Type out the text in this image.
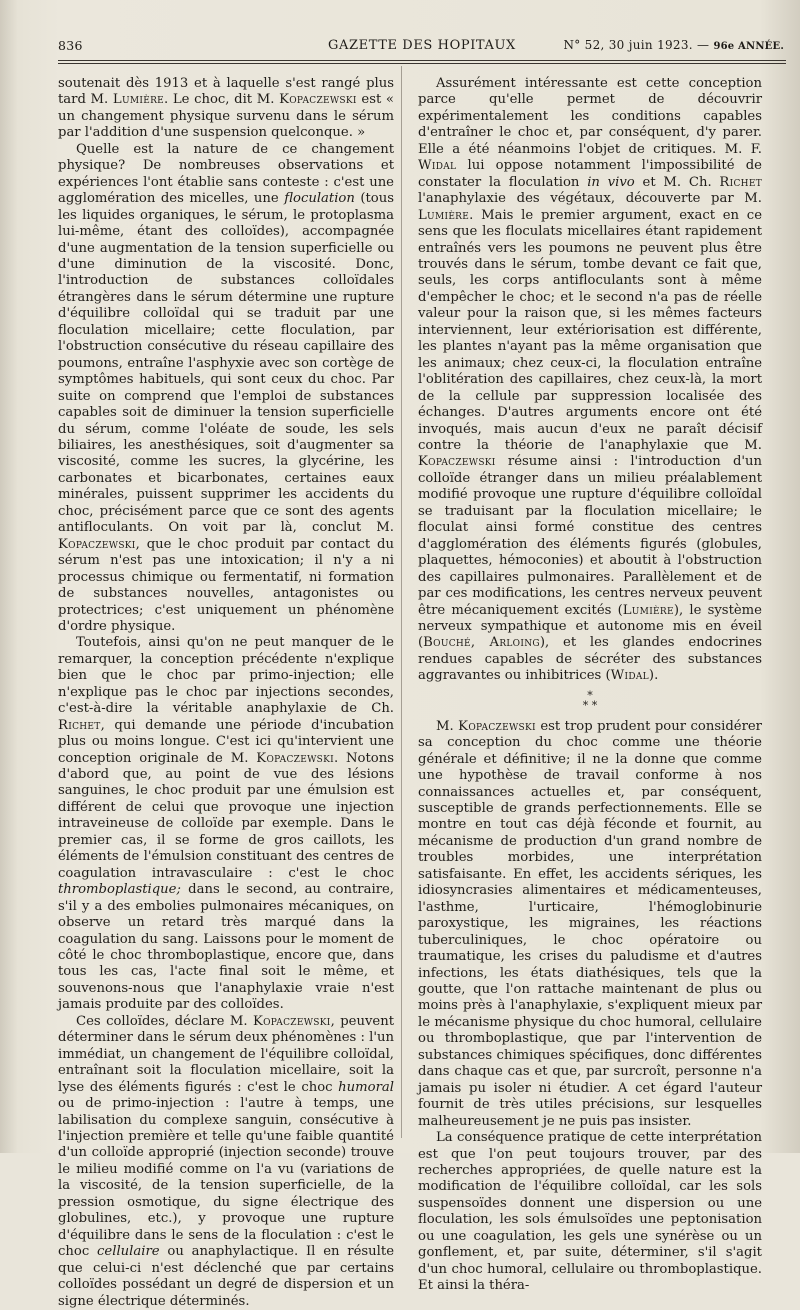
836	GAZETTE DES HOPITAUX	N° 52, 30 juin 1923. — 96e ANNÉE.

soutenait dès 1913 et à laquelle s'est rangé plus tard M. Lumière. Le choc, dit M. Kopaczewski est « un changement physique survenu dans le sérum par l'addition d'une suspension quelconque. »

Quelle est la nature de ce changement physique? De nombreuses observations et expériences l'ont établie sans conteste : c'est une agglomération des micelles, une floculation (tous les liquides organiques, le sérum, le protoplasma lui-même, étant des colloïdes), accompagnée d'une augmentation de la tension superficielle ou d'une diminution de la viscosité. Donc, l'introduction de substances colloïdales étrangères dans le sérum détermine une rupture d'équilibre colloïdal qui se traduit par une floculation micellaire; cette floculation, par l'obstruction consécutive du réseau capillaire des poumons, entraîne l'asphyxie avec son cortège de symptômes habituels, qui sont ceux du choc. Par suite on comprend que l'emploi de substances capables soit de diminuer la tension superficielle du sérum, comme l'oléate de soude, les sels biliaires, les anesthésiques, soit d'augmenter sa viscosité, comme les sucres, la glycérine, les carbonates et bicarbonates, certaines eaux minérales, puissent supprimer les accidents du choc, précisément parce que ce sont des agents antifloculants. On voit par là, conclut M. Kopaczewski, que le choc produit par contact du sérum n'est pas une intoxication; il n'y a ni processus chimique ou fermentatif, ni formation de substances nouvelles, antagonistes ou protectrices; c'est uniquement un phénomène d'ordre physique.

Toutefois, ainsi qu'on ne peut manquer de le remarquer, la conception précédente n'explique bien que le choc par primo-injection; elle n'explique pas le choc par injections secondes, c'est-à-dire la véritable anaphylaxie de Ch. Richet, qui demande une période d'incubation plus ou moins longue. C'est ici qu'intervient une conception originale de M. Kopaczewski. Notons d'abord que, au point de vue des lésions sanguines, le choc produit par une émulsion est différent de celui que provoque une injection intraveineuse de colloïde par exemple. Dans le premier cas, il se forme de gros caillots, les éléments de l'émulsion constituant des centres de coagulation intravasculaire : c'est le choc thromboplastique; dans le second, au contraire, s'il y a des embolies pulmonaires mécaniques, on observe un retard très marqué dans la coagulation du sang. Laissons pour le moment de côté le choc thromboplastique, encore que, dans tous les cas, l'acte final soit le même, et souvenons-nous que l'anaphylaxie vraie n'est jamais produite par des colloïdes.

Ces colloïdes, déclare M. Kopaczewski, peuvent déterminer dans le sérum deux phénomènes : l'un immédiat, un changement de l'équilibre colloïdal, entraînant soit la floculation micellaire, soit la lyse des éléments figurés : c'est le choc humoral ou de primo-injection : l'autre à temps, une labilisation du complexe sanguin, consécutive à l'injection première et telle qu'une faible quantité d'un colloïde approprié (injection seconde) trouve le milieu modifié comme on l'a vu (variations de la viscosité, de la tension superficielle, de la pression osmotique, du signe électrique des globulines, etc.), y provoque une rupture d'équilibre dans le sens de la floculation : c'est le choc cellulaire ou anaphylactique. Il en résulte que celui-ci n'est déclenché que par certains colloïdes possédant un degré de dispersion et un signe électrique déterminés.

Assurément intéressante est cette conception parce qu'elle permet de découvrir expérimentalement les conditions capables d'entraîner le choc et, par conséquent, d'y parer. Elle a été néanmoins l'objet de critiques. M. F. Widal lui oppose notamment l'impossibilité de constater la floculation in vivo et M. Ch. Richet l'anaphylaxie des végétaux, découverte par M. Lumière. Mais le premier argument, exact en ce sens que les floculats micellaires étant rapidement entraînés vers les poumons ne peuvent plus être trouvés dans le sérum, tombe devant ce fait que, seuls, les corps antifloculants sont à même d'empêcher le choc; et le second n'a pas de réelle valeur pour la raison que, si les mêmes facteurs interviennent, leur extériorisation est différente, les plantes n'ayant pas la même organisation que les animaux; chez ceux-ci, la floculation entraîne l'oblitération des capillaires, chez ceux-là, la mort de la cellule par suppression localisée des échanges. D'autres arguments encore ont été invoqués, mais aucun d'eux ne paraît décisif contre la théorie de l'anaphylaxie que M. Kopaczewski résume ainsi : l'introduction d'un colloïde étranger dans un milieu préalablement modifié provoque une rupture d'équilibre colloïdal se traduisant par la floculation micellaire; le floculat ainsi formé constitue des centres d'agglomération des éléments figurés (globules, plaquettes, hémoconies) et aboutit à l'obstruction des capillaires pulmonaires. Parallèlement et de par ces modifications, les centres nerveux peuvent être mécaniquement excités (Lumière), le système nerveux sympathique et autonome mis en éveil (Bouché, Arloing), et les glandes endocrines rendues capables de sécréter des substances aggravantes ou inhibitrices (Widal).

*
* *

M. Kopaczewski est trop prudent pour considérer sa conception du choc comme une théorie générale et définitive; il ne la donne que comme une hypothèse de travail conforme à nos connaissances actuelles et, par conséquent, susceptible de grands perfectionnements. Elle se montre en tout cas déjà féconde et fournit, au mécanisme de production d'un grand nombre de troubles morbides, une interprétation satisfaisante. En effet, les accidents sériques, les idiosyncrasies alimentaires et médicamenteuses, l'asthme, l'urticaire, l'hémoglobinurie paroxystique, les migraines, les réactions tuberculiniques, le choc opératoire ou traumatique, les crises du paludisme et d'autres infections, les états diathésiques, tels que la goutte, que l'on rattache maintenant de plus ou moins près à l'anaphylaxie, s'expliquent mieux par le mécanisme physique du choc humoral, cellulaire ou thromboplastique, que par l'intervention de substances chimiques spécifiques, donc différentes dans chaque cas et que, par surcroît, personne n'a jamais pu isoler ni étudier. A cet égard l'auteur fournit de très utiles précisions, sur lesquelles malheureusement je ne puis pas insister.

La conséquence pratique de cette interprétation est que l'on peut toujours trouver, par des recherches appropriées, de quelle nature est la modification de l'équilibre colloïdal, car les sols suspensoïdes donnent une dispersion ou une floculation, les sols émulsoïdes une peptonisation ou une coagulation, les gels une synérèse ou un gonflement, et, par suite, déterminer, s'il s'agit d'un choc humoral, cellulaire ou thromboplastique. Et ainsi la théra-
